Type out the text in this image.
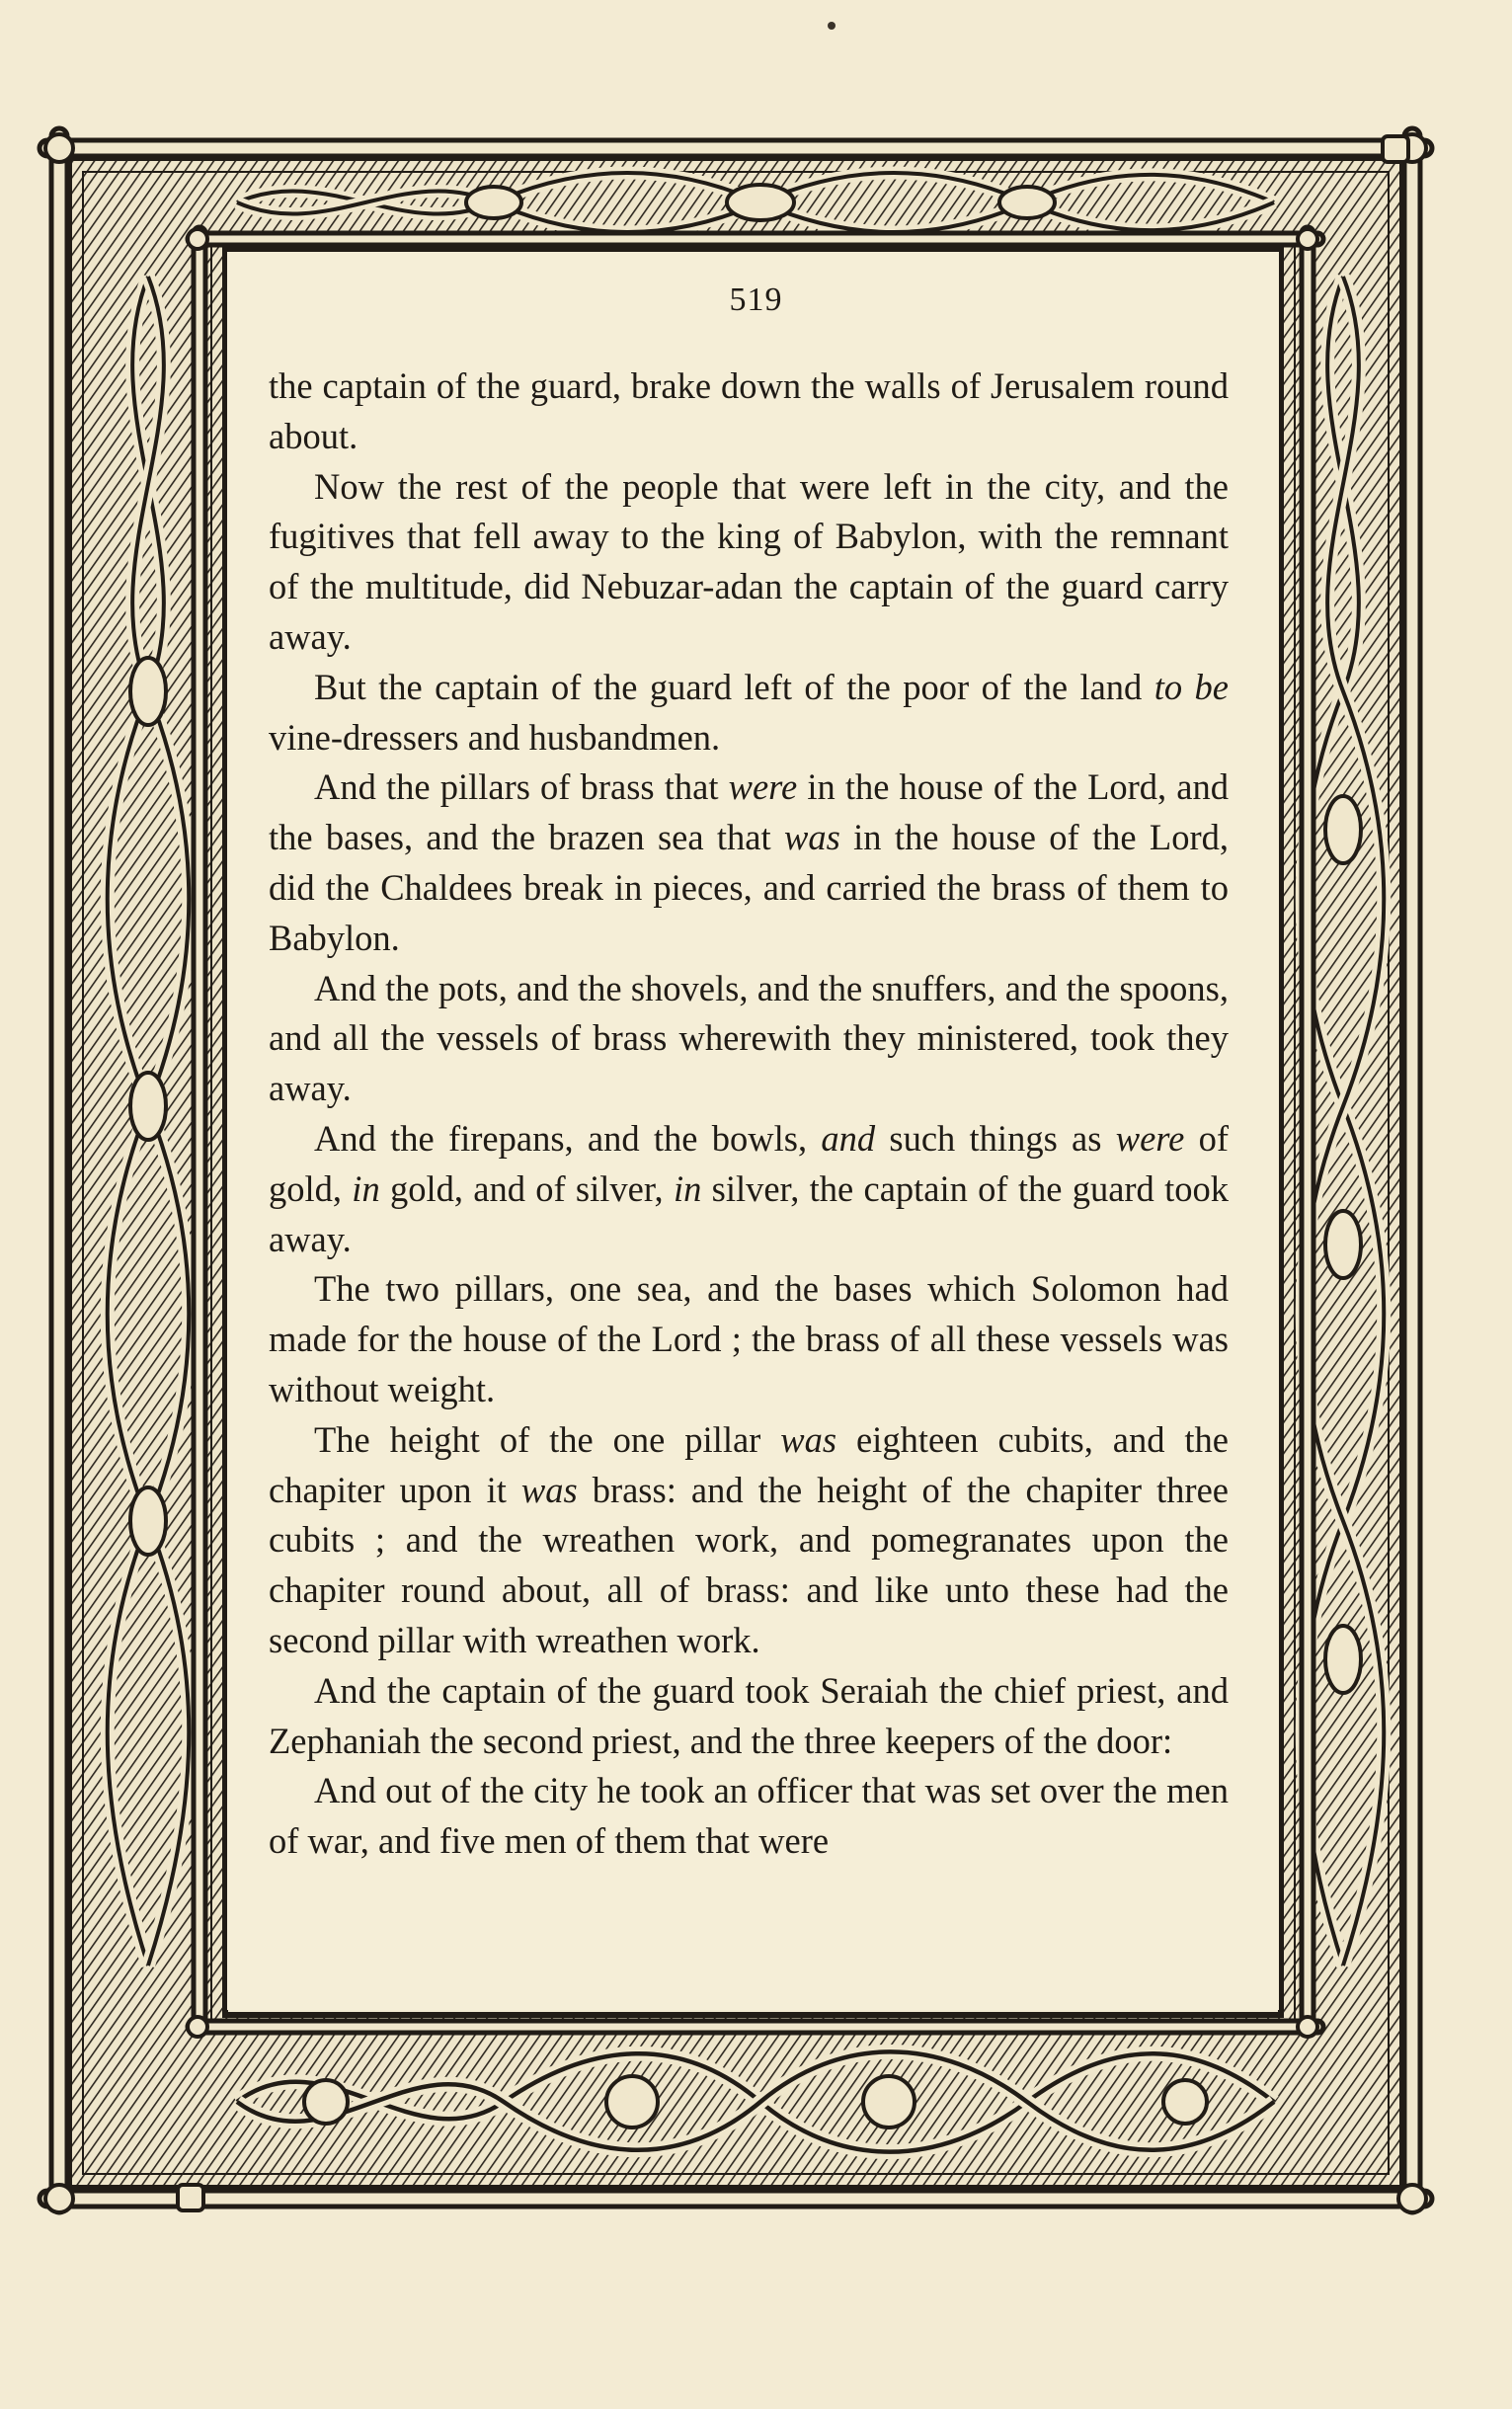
519

the captain of the guard, brake down the walls of Jerusalem round about.

Now the rest of the people that were left in the city, and the fugitives that fell away to the king of Babylon, with the remnant of the multitude, did Nebuzar-adan the captain of the guard carry away.

But the captain of the guard left of the poor of the land to be vine-dressers and husbandmen.

And the pillars of brass that were in the house of the Lord, and the bases, and the brazen sea that was in the house of the Lord, did the Chaldees break in pieces, and carried the brass of them to Babylon.

And the pots, and the shovels, and the snuffers, and the spoons, and all the vessels of brass wherewith they ministered, took they away.

And the firepans, and the bowls, and such things as were of gold, in gold, and of silver, in silver, the captain of the guard took away.

The two pillars, one sea, and the bases which Solomon had made for the house of the Lord ; the brass of all these vessels was without weight.

The height of the one pillar was eighteen cubits, and the chapiter upon it was brass: and the height of the chapiter three cubits ; and the wreathen work, and pomegranates upon the chapiter round about, all of brass: and like unto these had the second pillar with wreathen work.

And the captain of the guard took Seraiah the chief priest, and Zephaniah the second priest, and the three keepers of the door:

And out of the city he took an officer that was set over the men of war, and five men of them that were
